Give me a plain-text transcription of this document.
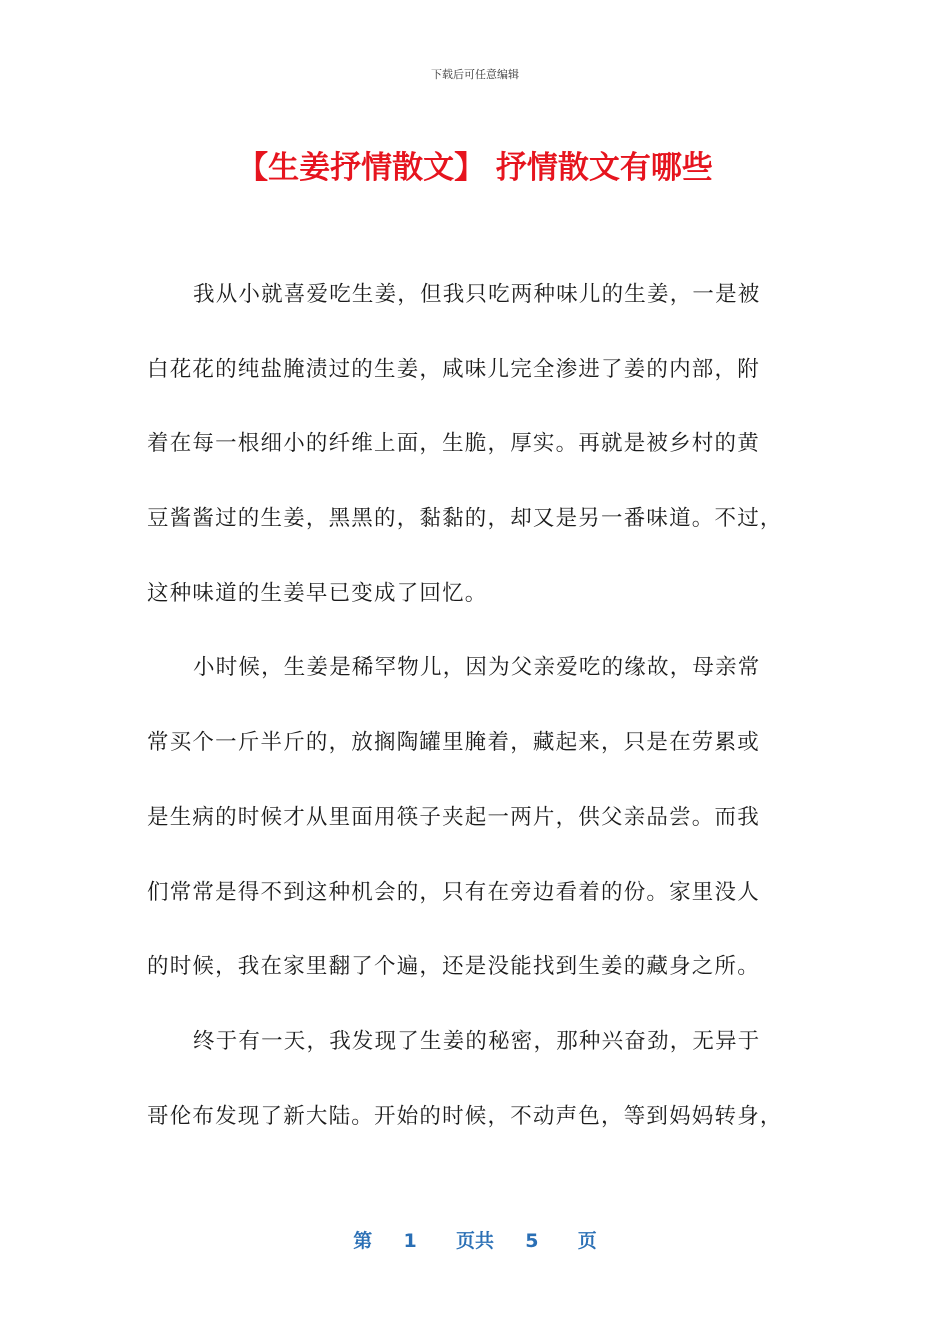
下载后可任意编辑
【生姜抒情散文】 抒情散文有哪些
我从小就喜爱吃生姜，但我只吃两种味儿的生姜，一是被
白花花的纯盐腌渍过的生姜，咸味儿完全渗进了姜的内部，附
着在每一根细小的纤维上面，生脆，厚实。再就是被乡村的黄
豆酱酱过的生姜，黑黑的，黏黏的，却又是另一番味道。不过，
这种味道的生姜早已变成了回忆。
小时候，生姜是稀罕物儿，因为父亲爱吃的缘故，母亲常
常买个一斤半斤的，放搁陶罐里腌着，藏起来，只是在劳累或
是生病的时候才从里面用筷子夹起一两片，供父亲品尝。而我
们常常是得不到这种机会的，只有在旁边看着的份。家里没人
的时候，我在家里翻了个遍，还是没能找到生姜的藏身之所。
终于有一天，我发现了生姜的秘密，那种兴奋劲，无异于
哥伦布发现了新大陆。开始的时候，不动声色，等到妈妈转身，
第 1 页共 5 页
